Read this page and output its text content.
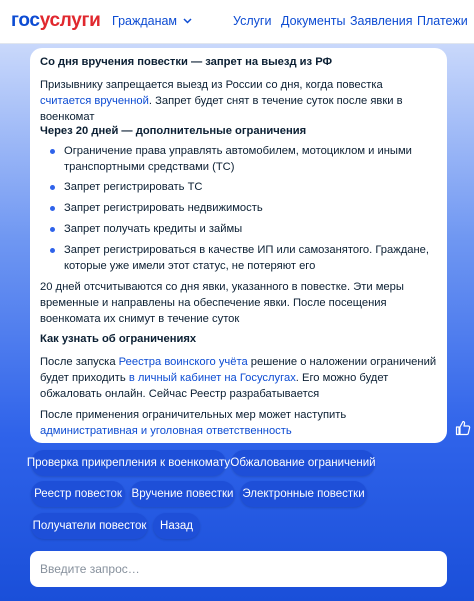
госуслуги Гражданам	Услуги Документы Заявления Платежи
Со дня вручения повестки — запрет на выезд из РФ

Призывнику запрещается выезд из России со дня, когда повестка считается врученной. Запрет будет снят в течение суток после явки в военкомат

Через 20 дней — дополнительные ограничения
Ограничение права управлять автомобилем, мотоциклом и иными транспортными средствами (ТС)
Запрет регистрировать ТС
Запрет регистрировать недвижимость
Запрет получать кредиты и займы
Запрет регистрироваться в качестве ИП или самозанятого. Граждане, которые уже имели этот статус, не потеряют его

20 дней отсчитываются со дня явки, указанного в повестке. Эти меры временные и направлены на обеспечение явки. После посещения военкомата их снимут в течение суток

Как узнать об ограничениях

После запуска Реестра воинского учёта решение о наложении ограничений будет приходить в личный кабинет на Госуслугах. Его можно будет обжаловать онлайн. Сейчас Реестр разрабатывается

После применения ограничительных мер может наступить административная и уголовная ответственность

Проверка прикрепления к военкомату Обжалование ограничений
Реестр повесток Вручение повестки Электронные повестки
Получатели повесток	Назад
Введите запрос…
